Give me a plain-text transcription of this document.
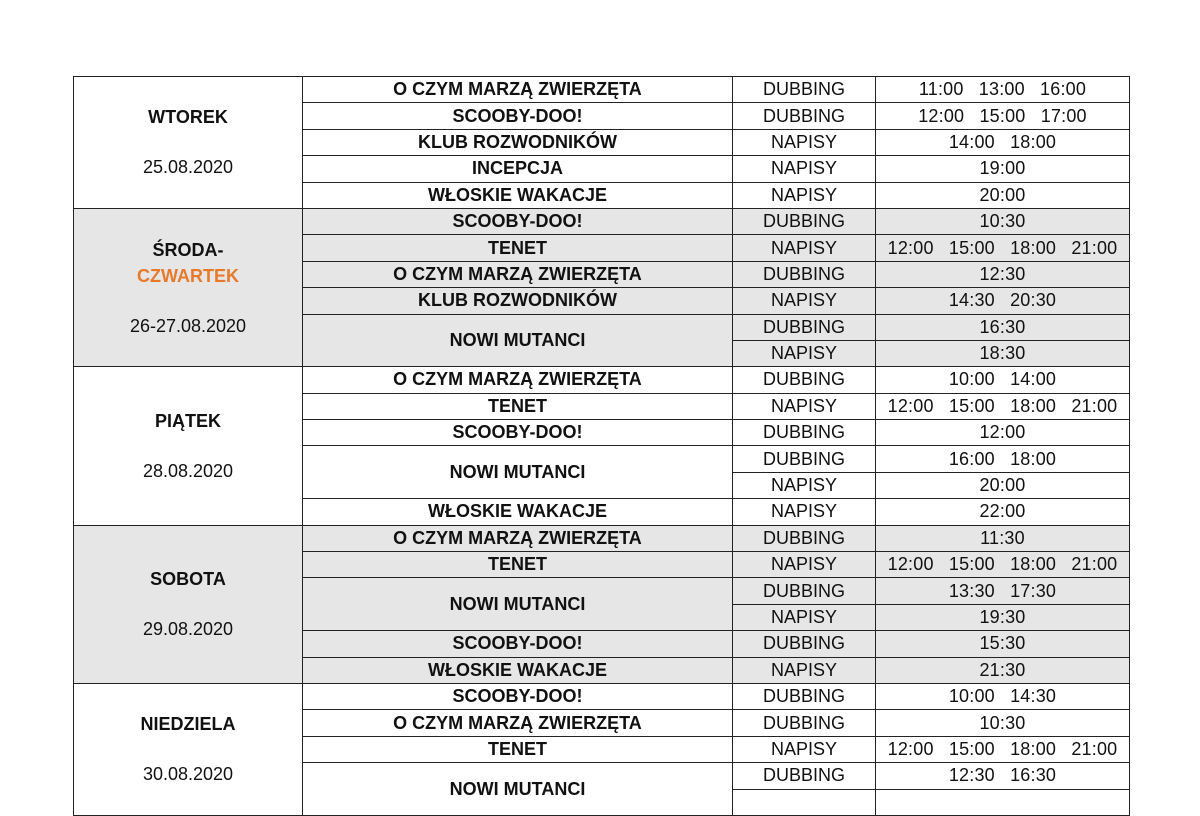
WTOREK
25.08.2020	O CZYM MARZĄ ZWIERZĘTA	DUBBING	11:00 13:00 16:00
	SCOOBY-DOO!	DUBBING	12:00 15:00 17:00
	KLUB ROZWODNIKÓW	NAPISY	14:00 18:00
	INCEPCJA	NAPISY	19:00
	WŁOSKIE WAKACJE	NAPISY	20:00

ŚRODA-
CZWARTEK
26-27.08.2020	SCOOBY-DOO!	DUBBING	10:30
	TENET	NAPISY	12:00 15:00 18:00 21:00
	O CZYM MARZĄ ZWIERZĘTA	DUBBING	12:30
	KLUB ROZWODNIKÓW	NAPISY	14:30 20:30
	NOWI MUTANCI	DUBBING	16:30
		NAPISY	18:30

PIĄTEK
28.08.2020	O CZYM MARZĄ ZWIERZĘTA	DUBBING	10:00 14:00
	TENET	NAPISY	12:00 15:00 18:00 21:00
	SCOOBY-DOO!	DUBBING	12:00
	NOWI MUTANCI	DUBBING	16:00 18:00
		NAPISY	20:00
	WŁOSKIE WAKACJE	NAPISY	22:00

SOBOTA
29.08.2020	O CZYM MARZĄ ZWIERZĘTA	DUBBING	11:30
	TENET	NAPISY	12:00 15:00 18:00 21:00
	NOWI MUTANCI	DUBBING	13:30 17:30
		NAPISY	19:30
	SCOOBY-DOO!	DUBBING	15:30
	WŁOSKIE WAKACJE	NAPISY	21:30

NIEDZIELA
30.08.2020	SCOOBY-DOO!	DUBBING	10:00 14:30
	O CZYM MARZĄ ZWIERZĘTA	DUBBING	10:30
	TENET	NAPISY	12:00 15:00 18:00 21:00
	NOWI MUTANCI	DUBBING	12:30 16:30
